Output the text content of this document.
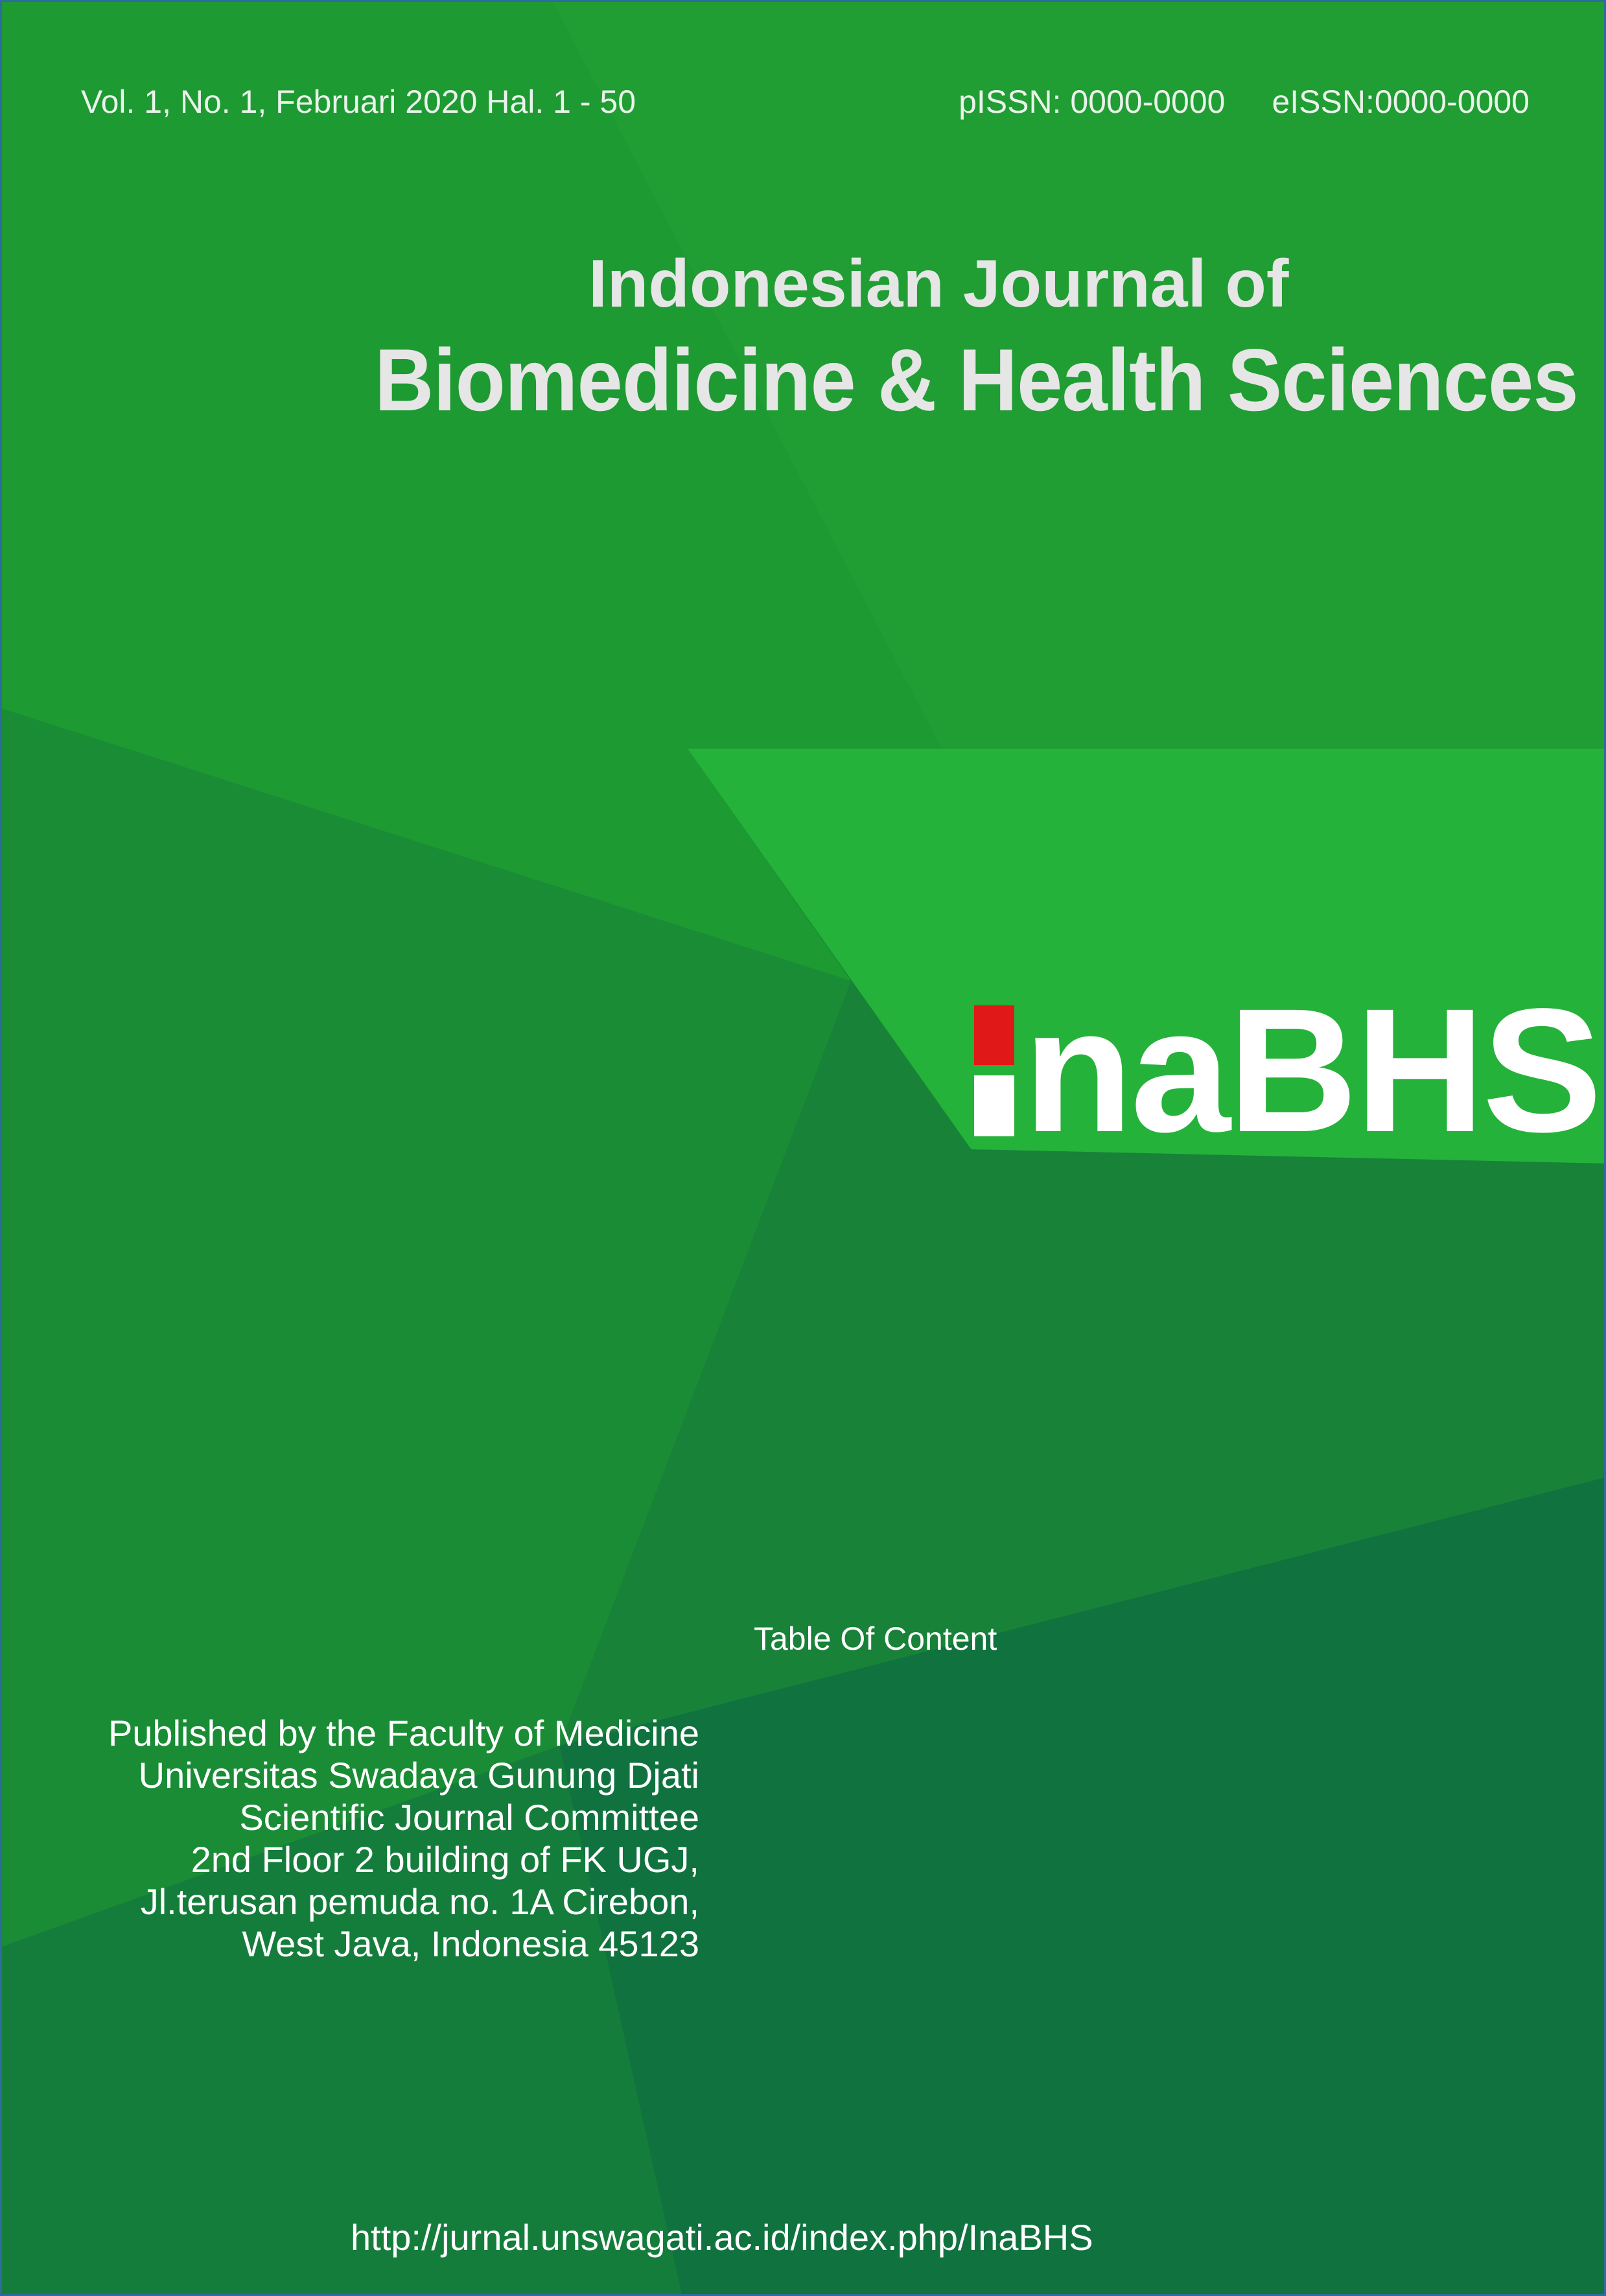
Vol. 1, No. 1, Februari 2020 Hal. 1 - 50	pISSN: 0000-0000 eISSN:0000-0000

Indonesian Journal of
Biomedicine & Health Sciences
naBHS

Table Of Content

Published by the Faculty of Medicine
Universitas Swadaya Gunung Djati
Scientific Journal Committee
2nd Floor 2 building of FK UGJ,
Jl.terusan pemuda no. 1A Cirebon,
West Java, Indonesia 45123

http://jurnal.unswagati.ac.id/index.php/InaBHS
